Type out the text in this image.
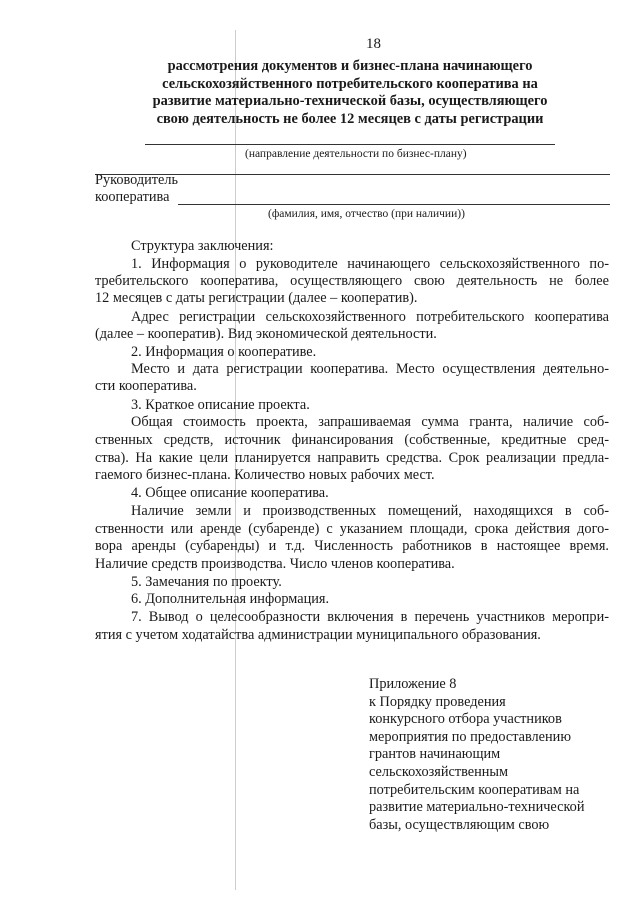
18
рассмотрения документов и бизнес-плана начинающего
сельскохозяйственного потребительского кооператива на
развитие материально-технической базы, осуществляющего
свою деятельность не более 12 месяцев с даты регистрации
(направление деятельности по бизнес-плану)
Руководитель
кооператива
(фамилия, имя, отчество (при наличии))
Структура заключения:
1. Информация о руководителе начинающего сельскохозяйственного по-
требительского кооператива, осуществляющего свою деятельность не более
12 месяцев с даты регистрации (далее – кооператив).
Адрес регистрации сельскохозяйственного потребительского кооператива
(далее – кооператив). Вид экономической деятельности.
2. Информация о кооперативе.
Место и дата регистрации кооператива. Место осуществления деятельно-
сти кооператива.
3. Краткое описание проекта.
Общая стоимость проекта, запрашиваемая сумма гранта, наличие соб-
ственных средств, источник финансирования (собственные, кредитные сред-
ства). На какие цели планируется направить средства. Срок реализации предла-
гаемого бизнес-плана. Количество новых рабочих мест.
4. Общее описание кооператива.
Наличие земли и производственных помещений, находящихся в соб-
ственности или аренде (субаренде) с указанием площади, срока действия дого-
вора аренды (субаренды) и т.д. Численность работников в настоящее время.
Наличие средств производства. Число членов кооператива.
5. Замечания по проекту.
6. Дополнительная информация.
7. Вывод о целесообразности включения в перечень участников меропри-
ятия с учетом ходатайства администрации муниципального образования.
Приложение 8
к Порядку проведения
конкурсного отбора участников
мероприятия по предоставлению
грантов начинающим
сельскохозяйственным
потребительским кооперативам на
развитие материально-технической
базы, осуществляющим свою
